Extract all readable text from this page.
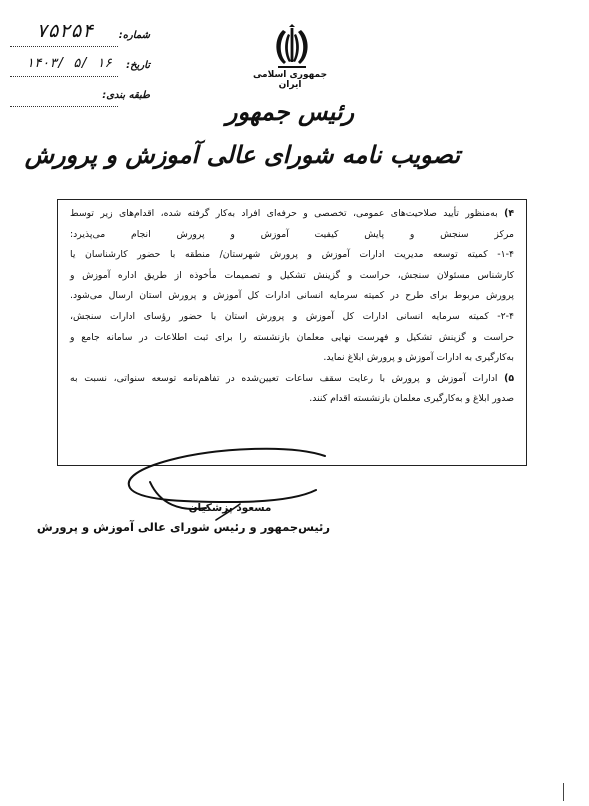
۷۵۲۵۴	شماره:
۱۴۰۳/ ۵/ ۱۶ تاریخ:
طبقه بندی:
جمهوری اسلامی ایران
رئیس جمهور
تصویب نامه شورای عالی آموزش و پرورش
۴) به‌منظور تأیید صلاحیت‌های عمومی، تخصصی و حرفه‌ای افراد به‌کار گرفته شده، اقدام‌های زیر توسط
مرکز سنجش و پایش کیفیت آموزش و پرورش انجام می‌پذیرد:
۱-۴- کمیته توسعه مدیریت ادارات آموزش و پرورش شهرستان/ منطقه با حضور کارشناسان یا
کارشناس مسئولان سنجش، حراست و گزینش تشکیل و تصمیمات مأخوذه از طریق اداره آموزش و
پرورش مربوط برای طرح در کمیته سرمایه انسانی ادارات کل آموزش و پرورش استان ارسال می‌شود.
۲-۴- کمیته سرمایه انسانی ادارات کل آموزش و پرورش استان با حضور رؤسای ادارات سنجش،
حراست و گزینش تشکیل و فهرست نهایی معلمان بازنشسته را برای ثبت اطلاعات در سامانه جامع و
به‌کارگیری به ادارات آموزش و پرورش ابلاغ نماید.
۵) ادارات آموزش و پرورش با رعایت سقف ساعات تعیین‌شده در تفاهم‌نامه توسعه سنواتی، نسبت به
صدور ابلاغ و به‌کارگیری معلمان بازنشسته اقدام کنند.
مسعود پزشکیان
رئیس‌جمهور و رئیس شورای عالی آموزش و پرورش
